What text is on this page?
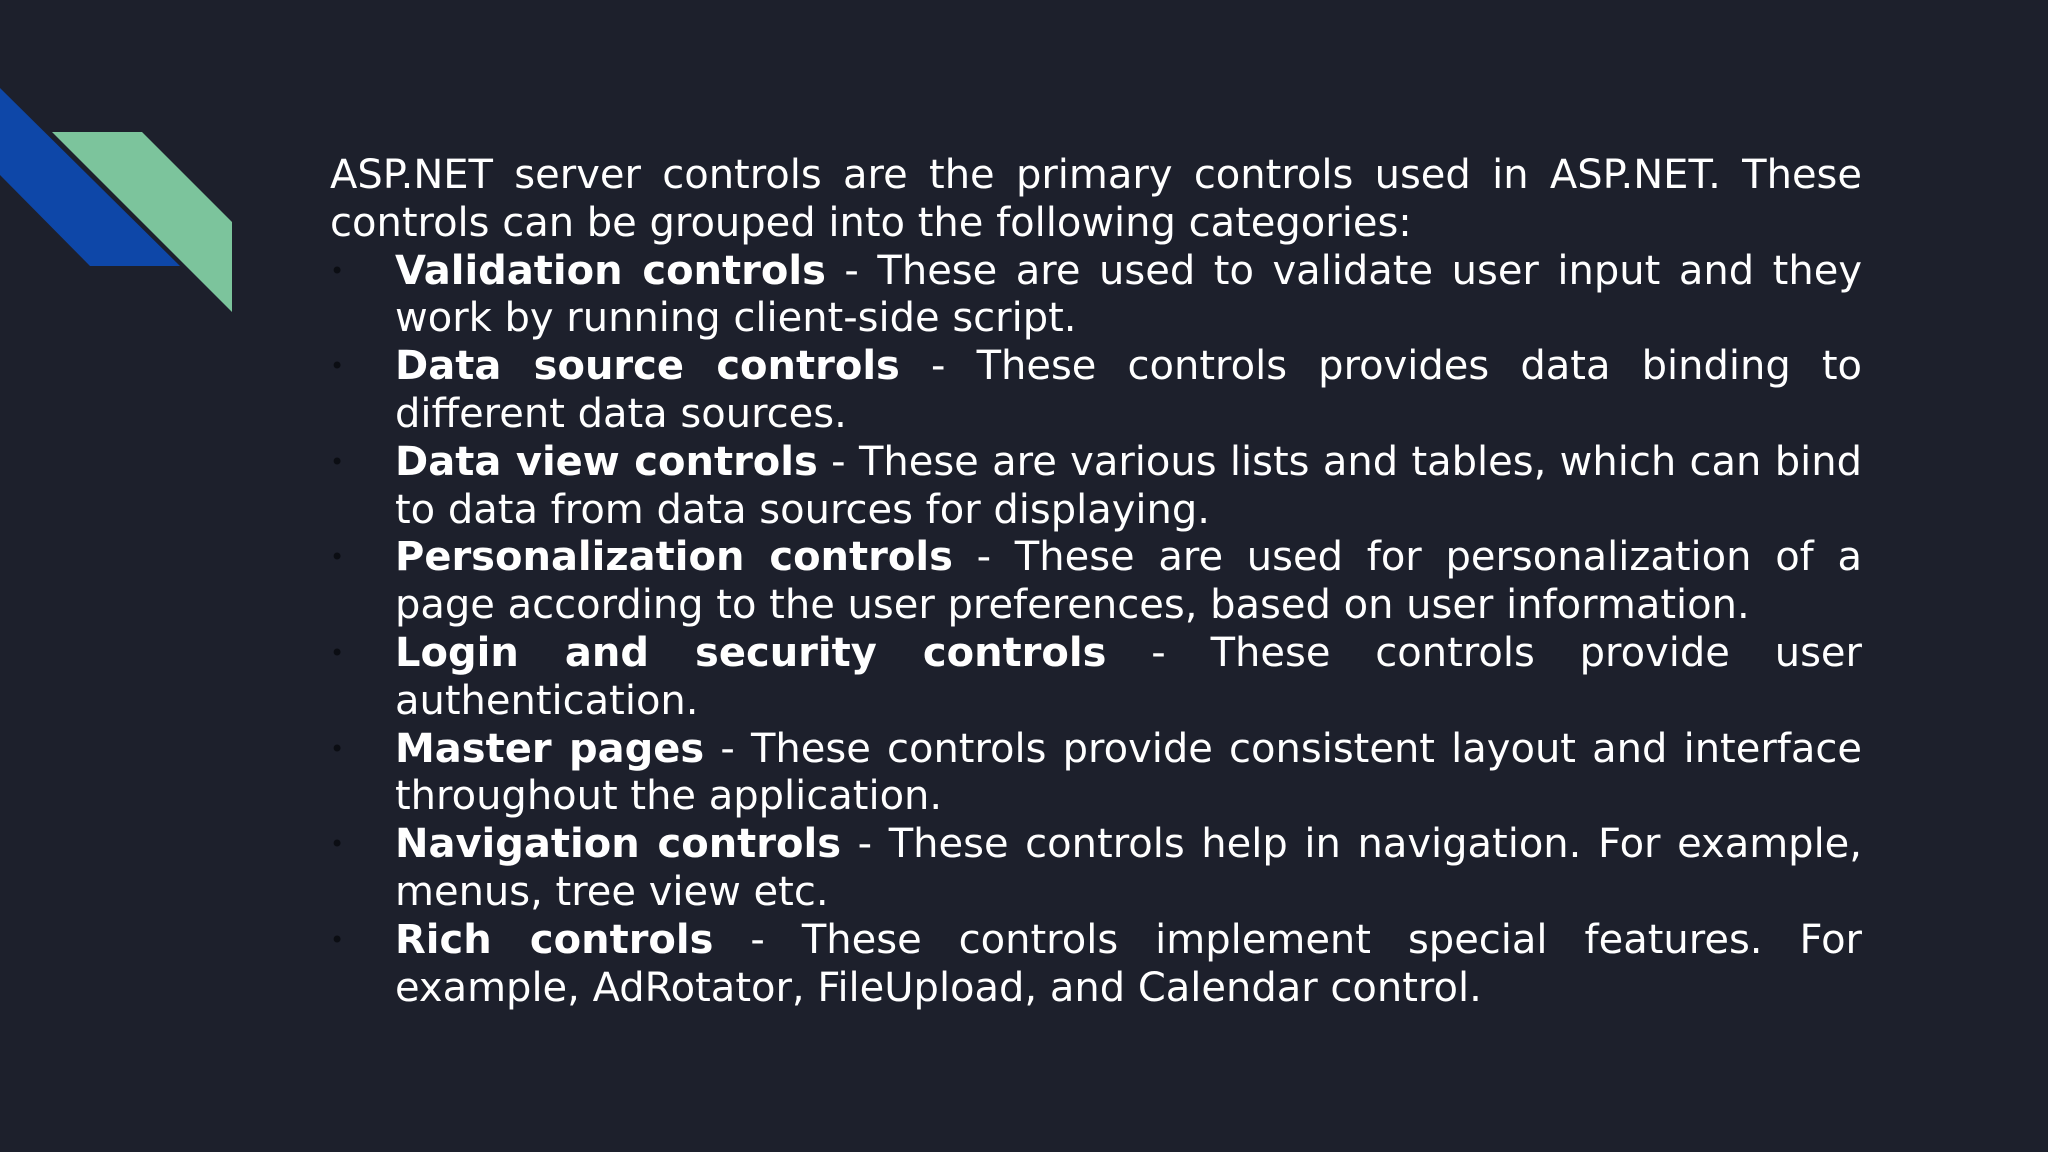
ASP.NET server controls are the primary controls used in ASP.NET. These controls can be grouped into the following categories:

• Validation controls - These are used to validate user input and they work by running client-side script.
• Data source controls - These controls provides data binding to different data sources.
• Data view controls - These are various lists and tables, which can bind to data from data sources for displaying.
• Personalization controls - These are used for personalization of a page according to the user preferences, based on user information.
• Login and security controls - These controls provide user authentication.
• Master pages - These controls provide consistent layout and interface throughout the application.
• Navigation controls - These controls help in navigation. For example, menus, tree view etc.
• Rich controls - These controls implement special features. For example, AdRotator, FileUpload, and Calendar control.
